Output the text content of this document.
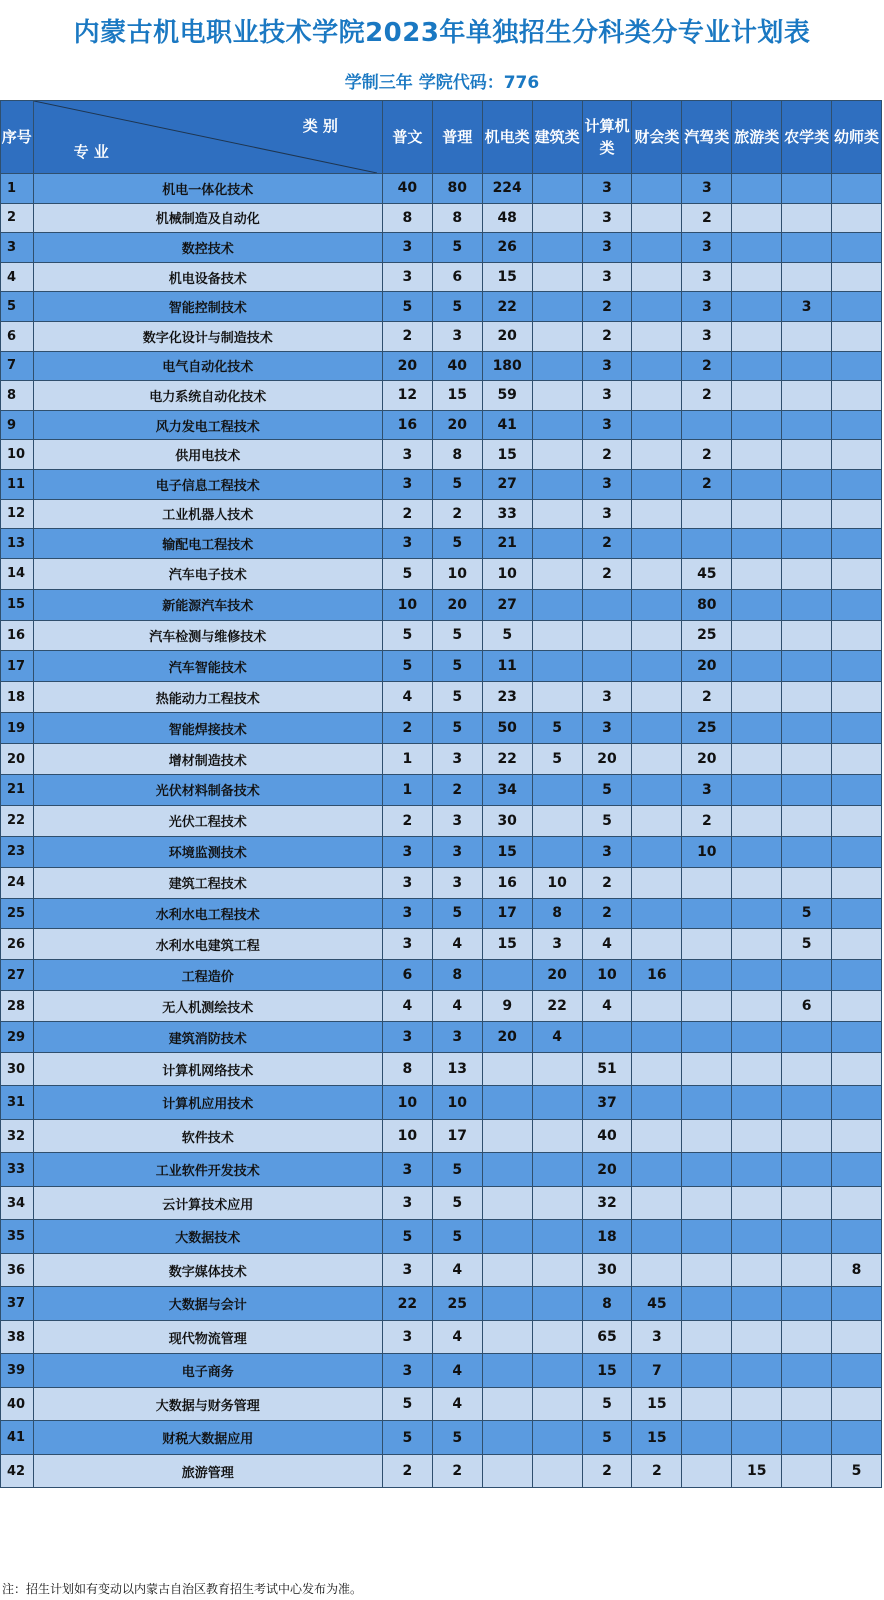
内蒙古机电职业技术学院2023年单独招生分科类分专业计划表
学制三年 学院代码：776
序号	类 别
专 业	普文	普理	机电类	建筑类	计算机类	财会类	汽驾类	旅游类	农学类	幼师类
1	机电一体化技术	40	80	224		3		3			
2	机械制造及自动化	8	8	48		3		2			
3	数控技术	3	5	26		3		3			
4	机电设备技术	3	6	15		3		3			
5	智能控制技术	5	5	22		2		3		3	
6	数字化设计与制造技术	2	3	20		2		3			
7	电气自动化技术	20	40	180		3		2			
8	电力系统自动化技术	12	15	59		3		2			
9	风力发电工程技术	16	20	41		3					
10	供用电技术	3	8	15		2		2			
11	电子信息工程技术	3	5	27		3		2			
12	工业机器人技术	2	2	33		3					
13	输配电工程技术	3	5	21		2					
14	汽车电子技术	5	10	10		2		45			
15	新能源汽车技术	10	20	27				80			
16	汽车检测与维修技术	5	5	5				25			
17	汽车智能技术	5	5	11				20			
18	热能动力工程技术	4	5	23		3		2			
19	智能焊接技术	2	5	50	5	3		25			
20	增材制造技术	1	3	22	5	20		20			
21	光伏材料制备技术	1	2	34		5		3			
22	光伏工程技术	2	3	30		5		2			
23	环境监测技术	3	3	15		3		10			
24	建筑工程技术	3	3	16	10	2					
25	水利水电工程技术	3	5	17	8	2				5	
26	水利水电建筑工程	3	4	15	3	4				5	
27	工程造价	6	8		20	10	16				
28	无人机测绘技术	4	4	9	22	4				6	
29	建筑消防技术	3	3	20	4						
30	计算机网络技术	8	13			51					
31	计算机应用技术	10	10			37					
32	软件技术	10	17			40					
33	工业软件开发技术	3	5			20					
34	云计算技术应用	3	5			32					
35	大数据技术	5	5			18					
36	数字媒体技术	3	4			30					8
37	大数据与会计	22	25			8	45				
38	现代物流管理	3	4			65	3				
39	电子商务	3	4			15	7				
40	大数据与财务管理	5	4			5	15				
41	财税大数据应用	5	5			5	15				
42	旅游管理	2	2			2	2		15		5
注：招生计划如有变动以内蒙古自治区教育招生考试中心发布为准。
